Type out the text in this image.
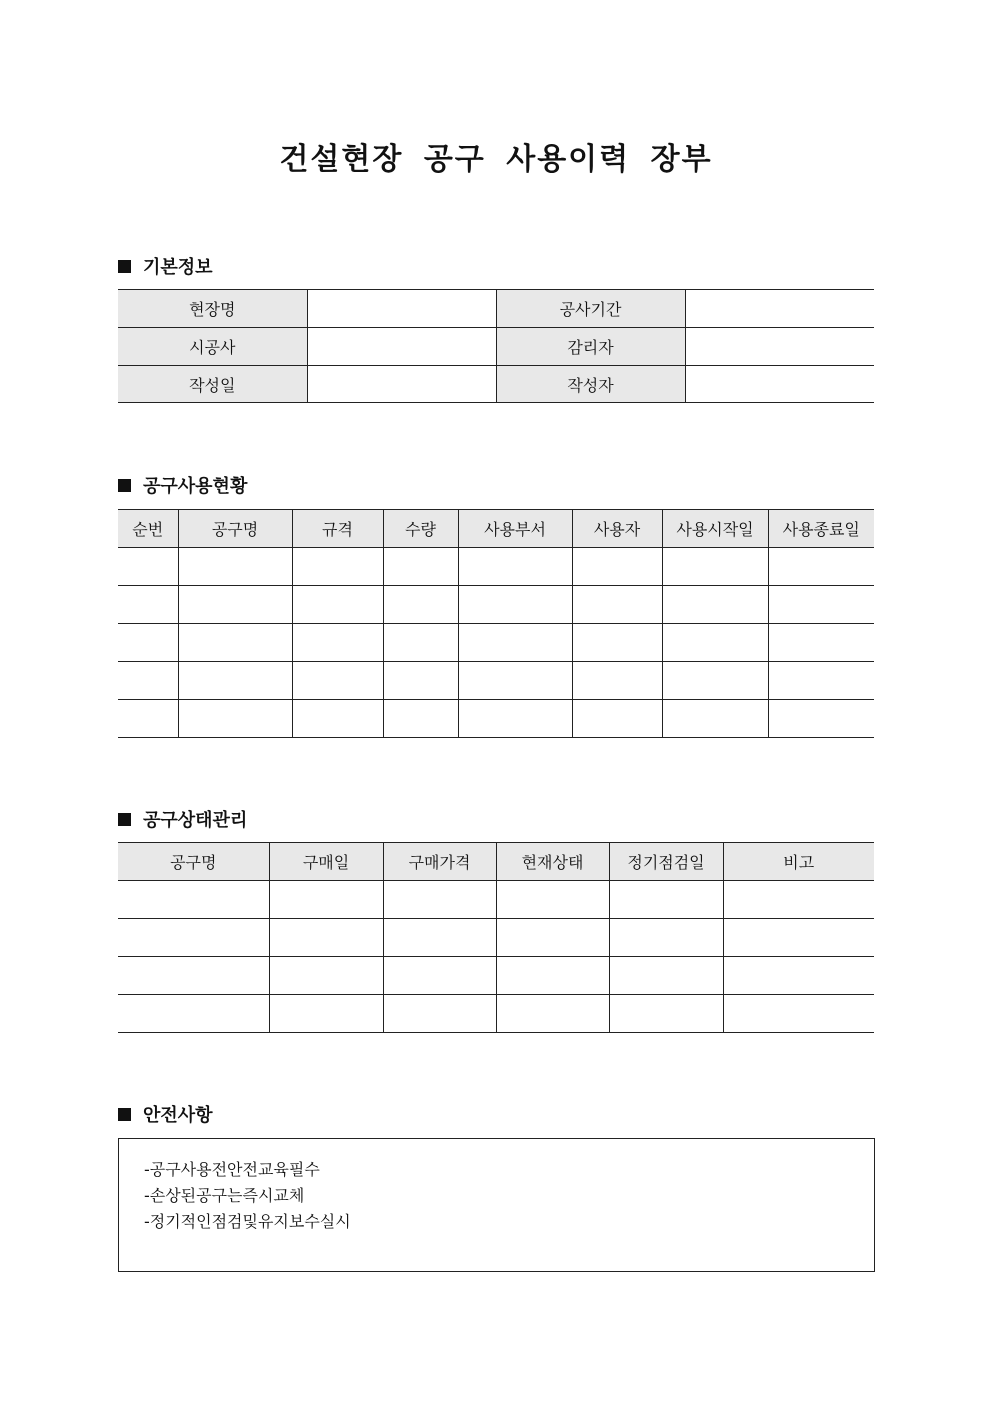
건설현장 공구 사용이력 장부
기본정보
현장명		공사기간	
시공사		감리자	
작성일		작성자	
공구사용현황
순번	공구명	규격	수량	사용부서	사용자	사용시작일	사용종료일

공구상태관리
공구명	구매일	구매가격	현재상태	정기점검일	비고

안전사항
-공구사용전안전교육필수
-손상된공구는즉시교체
-정기적인점검및유지보수실시
